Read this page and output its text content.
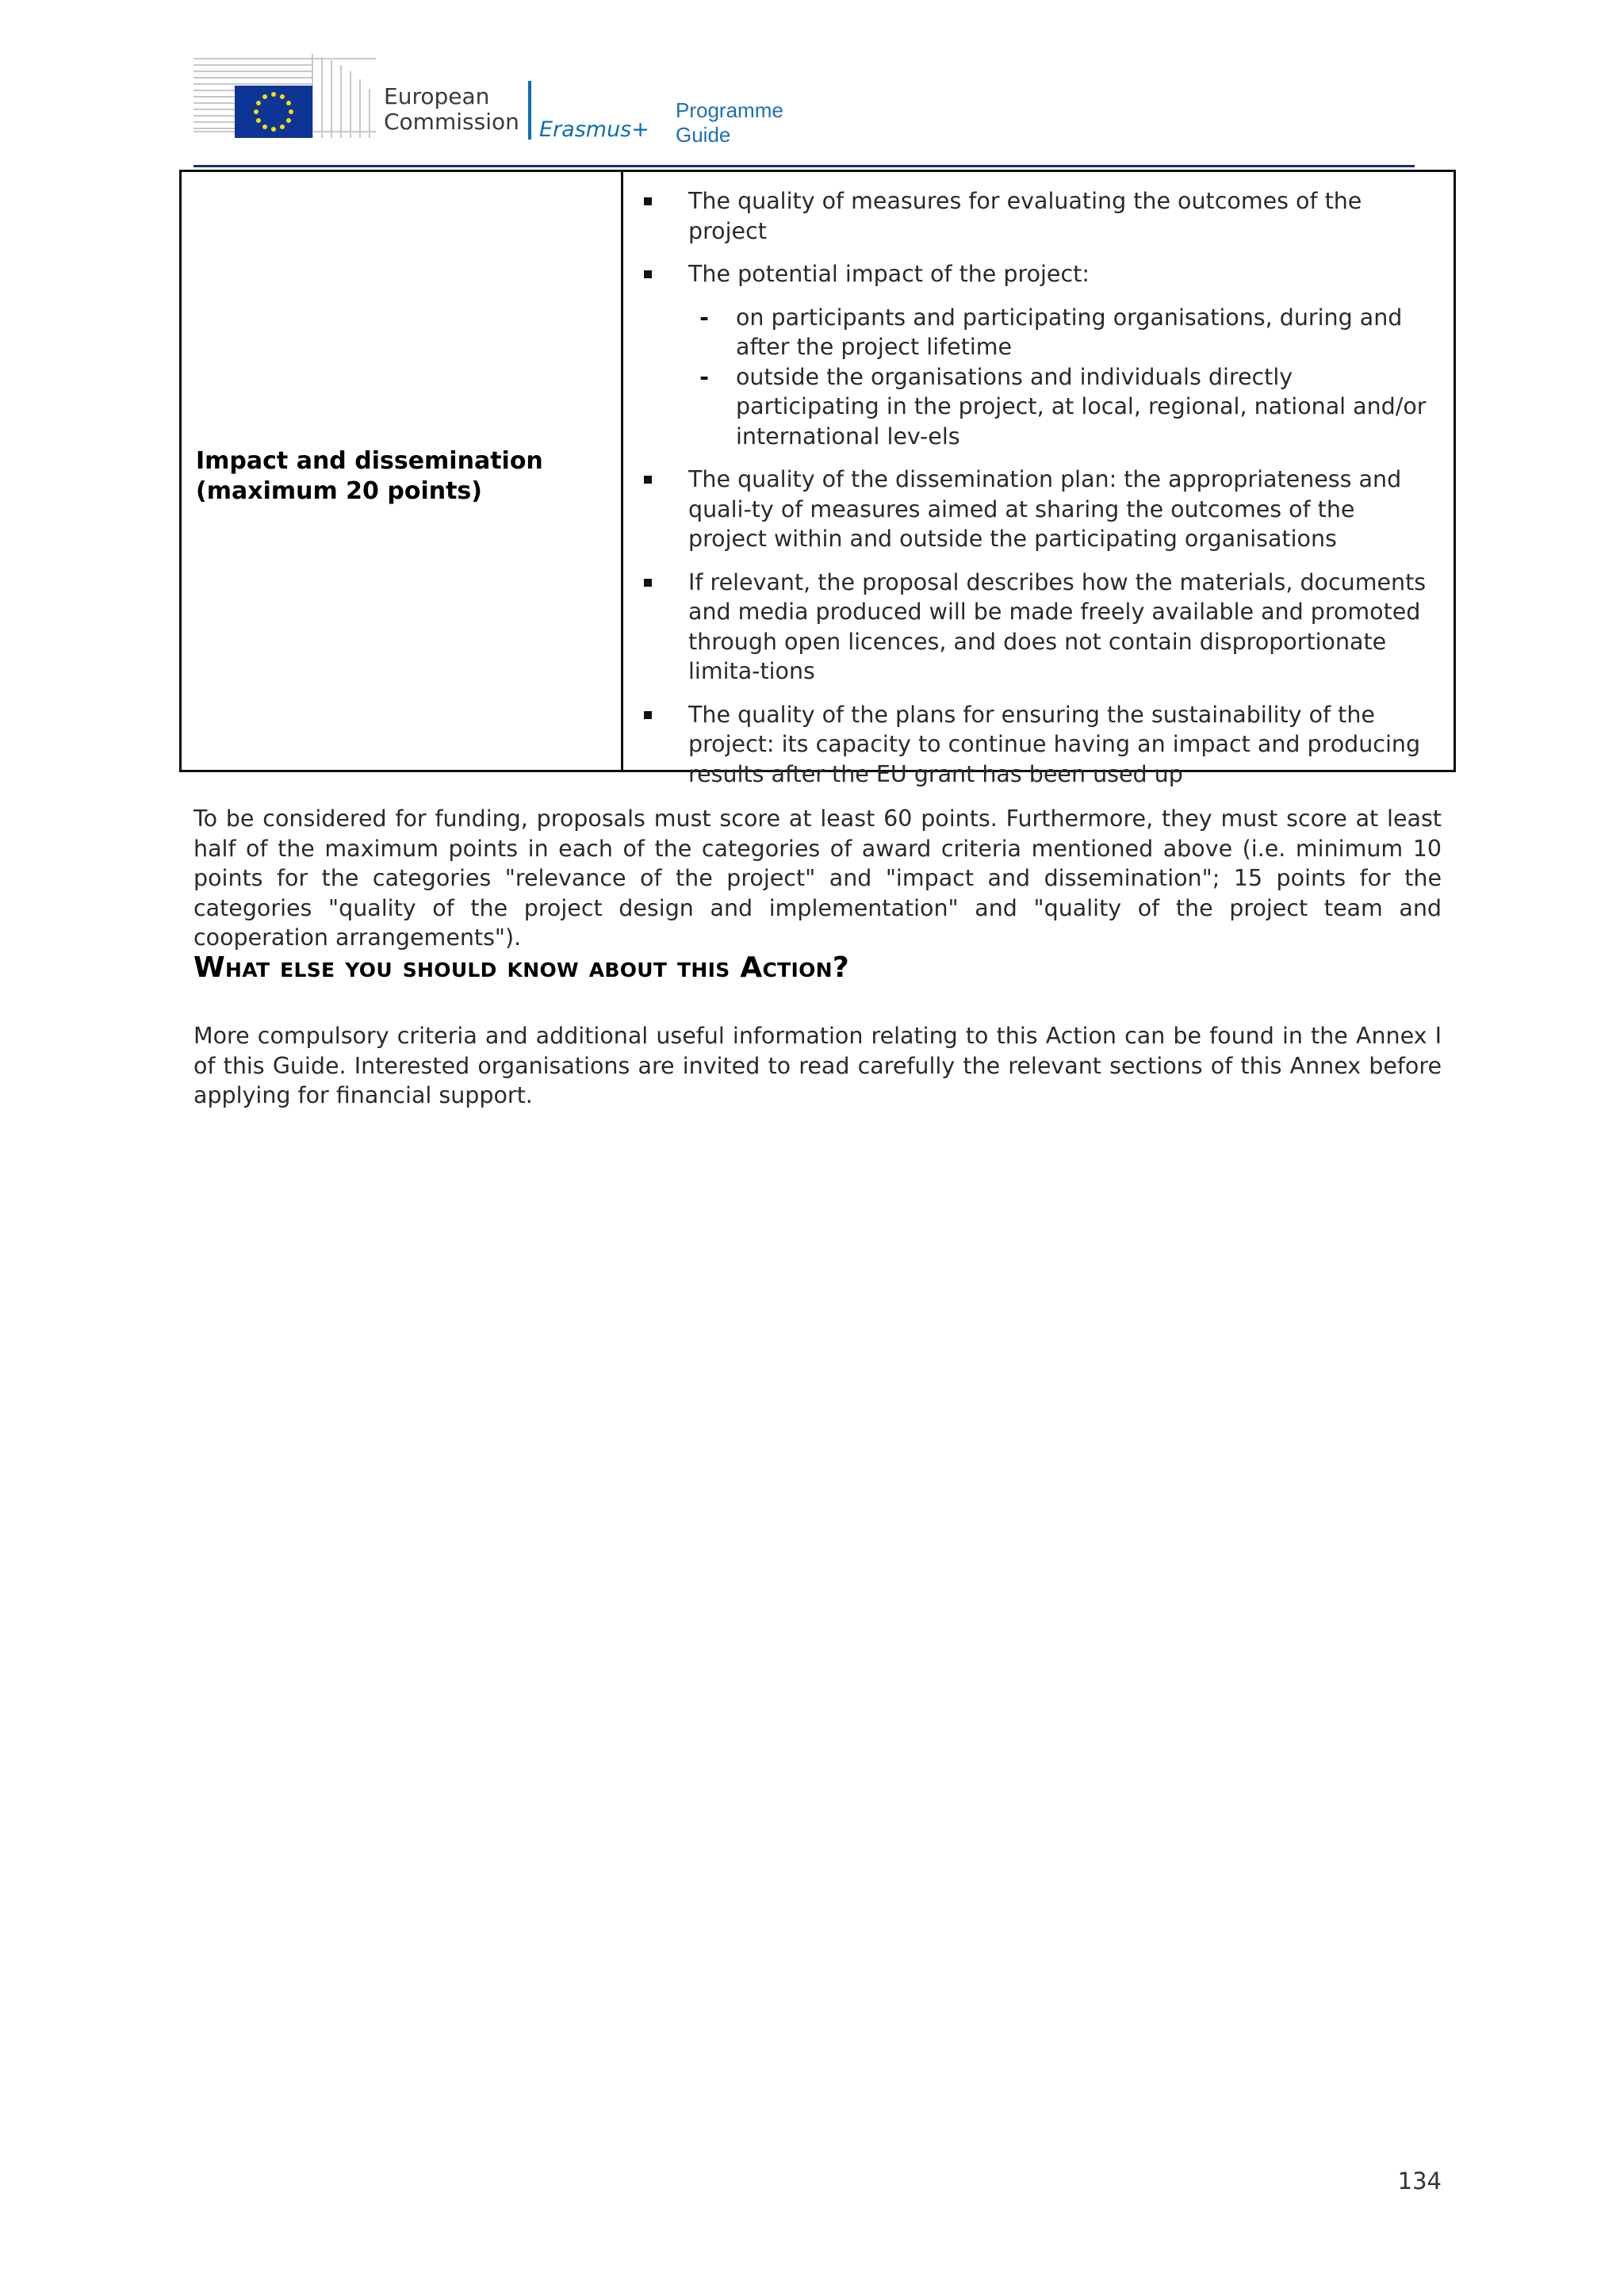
European
Commission Erasmus+
Programme
Guide
Impact and dissemination
(maximum 20 points)
The quality of measures for evaluating the outcomes of the project
The potential impact of the project:
-	on participants and participating organisations, during and after the project lifetime
-	outside the organisations and individuals directly participating in the project, at local, regional, national and/or international lev-els
The quality of the dissemination plan: the appropriateness and quali-ty of measures aimed at sharing the outcomes of the project within and outside the participating organisations
If relevant, the proposal describes how the materials, documents and media produced will be made freely available and promoted through open licences, and does not contain disproportionate limita-tions
The quality of the plans for ensuring the sustainability of the project: its capacity to continue having an impact and producing results after the EU grant has been used up

To be considered for funding, proposals must score at least 60 points. Furthermore, they must score at least half of the maximum points in each of the categories of award criteria mentioned above (i.e. minimum 10 points for the categories "relevance of the project" and "impact and dissemination"; 15 points for the categories "quality of the project design and implementation" and "quality of the project team and cooperation arrangements").

What else you should know about this Action?

More compulsory criteria and additional useful information relating to this Action can be found in the Annex I of this Guide. Interested organisations are invited to read carefully the relevant sections of this Annex before applying for financial support.

134
